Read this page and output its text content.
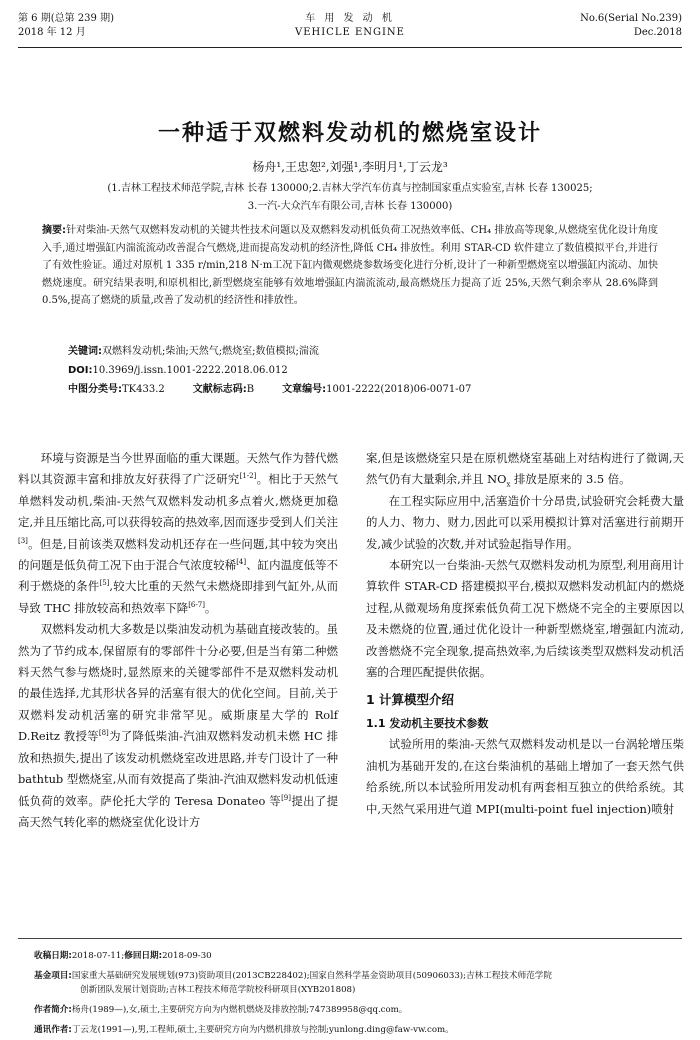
第 6 期(总第 239 期)
2018 年 12 月
车 用 发 动 机
VEHICLE ENGINE
No.6(Serial No.239)
Dec.2018
一种适于双燃料发动机的燃烧室设计
杨舟¹,王忠恕²,刘强¹,李明月¹,丁云龙³
(1.吉林工程技术师范学院,吉林 长春 130000;2.吉林大学汽车仿真与控制国家重点实验室,吉林 长春 130025;
3.一汽-大众汽车有限公司,吉林 长春 130000)
摘要:针对柴油-天然气双燃料发动机的关键共性技术问题以及双燃料发动机低负荷工况热效率低、CH₄ 排放高等现象,从燃烧室优化设计角度入手,通过增强缸内湍流流动改善混合气燃烧,进而提高发动机的经济性,降低 CH₄ 排放性。利用 STAR-CD 软件建立了数值模拟平台,并进行了有效性验证。通过对原机 1 335 r/min,218 N·m工况下缸内微观燃烧参数场变化进行分析,设计了一种新型燃烧室以增强缸内流动、加快燃烧速度。研究结果表明,和原机相比,新型燃烧室能够有效地增强缸内湍流流动,最高燃烧压力提高了近 25%,天然气剩余率从 28.6%降到 0.5%,提高了燃烧的质量,改善了发动机的经济性和排放性。
关键词:双燃料发动机;柴油;天然气;燃烧室;数值模拟;湍流
DOI:10.3969/j.issn.1001-2222.2018.06.012
中图分类号:TK433.2	文献标志码:B	文章编号:1001-2222(2018)06-0071-07

环境与资源是当今世界面临的重大课题。天然气作为替代燃料以其资源丰富和排放友好获得了广泛研究[1-2]。相比于天然气单燃料发动机,柴油-天然气双燃料发动机多点着火,燃烧更加稳定,并且压缩比高,可以获得较高的热效率,因而逐步受到人们关注[3]。但是,目前该类双燃料发动机还存在一些问题,其中较为突出的问题是低负荷工况下由于混合气浓度较稀[4]、缸内温度低等不利于燃烧的条件[5],较大比重的天然气未燃烧即排到气缸外,从而导致 THC 排放较高和热效率下降[6-7]。

双燃料发动机大多数是以柴油发动机为基础直接改装的。虽然为了节约成本,保留原有的零部件十分必要,但是当有第二种燃料天然气参与燃烧时,显然原来的关键零部件不是双燃料发动机的最佳选择,尤其形状各异的活塞有很大的优化空间。目前,关于双燃料发动机活塞的研究非常罕见。威斯康星大学的 Rolf D.Reitz 教授等[8]为了降低柴油-汽油双燃料发动机未燃 HC 排放和热损失,提出了该发动机燃烧室改进思路,并专门设计了一种 bathtub 型燃烧室,从而有效提高了柴油-汽油双燃料发动机低速低负荷的效率。萨伦托大学的 Teresa Donateo 等[9]提出了提高天然气转化率的燃烧室优化设计方

案,但是该燃烧室只是在原机燃烧室基础上对结构进行了微调,天然气仍有大量剩余,并且 $NO_x$ 排放是原来的 3.5 倍。

在工程实际应用中,活塞造价十分昂贵,试验研究会耗费大量的人力、物力、财力,因此可以采用模拟计算对活塞进行前期开发,减少试验的次数,并对试验起指导作用。

本研究以一台柴油-天然气双燃料发动机为原型,利用商用计算软件 STAR-CD 搭建模拟平台,模拟双燃料发动机缸内的燃烧过程,从微观场角度探索低负荷工况下燃烧不完全的主要原因以及未燃烧的位置,通过优化设计一种新型燃烧室,增强缸内流动,改善燃烧不完全现象,提高热效率,为后续该类型双燃料发动机活塞的合理匹配提供依据。

1 计算模型介绍
1.1 发动机主要技术参数

试验所用的柴油-天然气双燃料发动机是以一台涡轮增压柴油机为基础开发的,在这台柴油机的基础上增加了一套天然气供给系统,所以本试验所用发动机有两套相互独立的供给系统。其中,天然气采用进气道 MPI(multi-point fuel injection)喷射

收稿日期:2018-07-11;修回日期:2018-09-30
基金项目:国家重大基础研究发展规划(973)资助项目(2013CB228402);国家自然科学基金资助项目(50906033);吉林工程技术师范学院
创新团队发展计划资助;吉林工程技术师范学院校科研项目(XYB201808)
作者简介:杨舟(1989—),女,硕士,主要研究方向为内燃机燃烧及排放控制;747389958@qq.com。
通讯作者:丁云龙(1991—),男,工程师,硕士,主要研究方向为内燃机排放与控制;yunlong.ding@faw-vw.com。
